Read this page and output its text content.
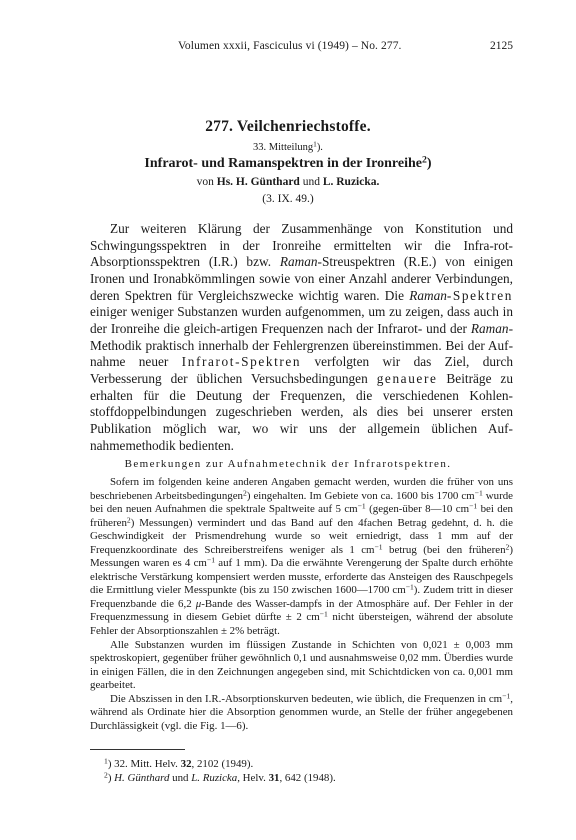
Volumen xxxii, Fasciculus vi (1949) – No. 277.	2125
277. Veilchenriechstoffe.
33. Mitteilung$^1$).
Infrarot- und Ramanspektren in der Ironreihe$^2$)
von Hs. H. Günthard und L. Ruzicka.
(3. IX. 49.)

Zur weiteren Klärung der Zusammenhänge von Konstitution und Schwingungsspektren in der Ironreihe ermittelten wir die Infra-rot-Absorptionsspektren (I.R.) bzw. Raman-Streuspektren (R.E.) von einigen Ironen und Ironabkömmlingen sowie von einer Anzahl anderer Verbindungen, deren Spektren für Vergleichszwecke wichtig waren. Die Raman-Spektren einiger weniger Substanzen wurden aufgenommen, um zu zeigen, dass auch in der Ironreihe die gleich-artigen Frequenzen nach der Infrarot- und der Raman-Methodik praktisch innerhalb der Fehlergrenzen übereinstimmen. Bei der Auf-nahme neuer Infrarot-Spektren verfolgten wir das Ziel, durch Verbesserung der üblichen Versuchsbedingungen genauere Beiträge zu erhalten für die Deutung der Frequenzen, die verschiedenen Kohlen-stoffdoppelbindungen zugeschrieben werden, als dies bei unserer ersten Publikation möglich war, wo wir uns der allgemein üblichen Auf-nahmemethodik bedienten.

Bemerkungen zur Aufnahmetechnik der Infrarotspektren.

Sofern im folgenden keine anderen Angaben gemacht werden, wurden die früher von uns beschriebenen Arbeitsbedingungen$^2$) eingehalten. Im Gebiete von ca. 1600 bis 1700 $cm^{-1}$ wurde bei den neuen Aufnahmen die spektrale Spaltweite auf 5 $cm^{-1}$ (gegen-über 8—10 $cm^{-1}$ bei den früheren$^2$) Messungen) vermindert und das Band auf den 4fachen Betrag gedehnt, d. h. die Geschwindigkeit der Prismendrehung wurde so weit erniedrigt, dass 1 mm auf der Frequenzkoordinate des Schreiberstreifens weniger als 1 $cm^{-1}$ betrug (bei den früheren$^2$) Messungen waren es 4 $cm^{-1}$ auf 1 mm). Da die erwähnte Verengerung der Spalte durch erhöhte elektrische Verstärkung kompensiert werden musste, erforderte das Ansteigen des Rauschpegels die Ermittlung vieler Messpunkte (bis zu 150 zwischen 1600—1700 $cm^{-1}$). Zudem tritt in dieser Frequenzbande die 6,2 μ-Bande des Wasser-dampfs in der Atmosphäre auf. Der Fehler in der Frequenzmessung in diesem Gebiet dürfte ± 2 $cm^{-1}$ nicht übersteigen, während der absolute Fehler der Absorptionszahlen ± 2% beträgt.

Alle Substanzen wurden im flüssigen Zustande in Schichten von 0,021 ± 0,003 mm spektroskopiert, gegenüber früher gewöhnlich 0,1 und ausnahmsweise 0,02 mm. Überdies wurde in einigen Fällen, die in den Zeichnungen angegeben sind, mit Schichtdicken von ca. 0,001 mm gearbeitet.

Die Abszissen in den I.R.-Absorptionskurven bedeuten, wie üblich, die Frequenzen in $cm^{-1}$, während als Ordinate hier die Absorption genommen wurde, an Stelle der früher angegebenen Durchlässigkeit (vgl. die Fig. 1—6).

$^1$) 32. Mitt. Helv. 32, 2102 (1949).

$^2$) H. Günthard und L. Ruzicka, Helv. 31, 642 (1948).
